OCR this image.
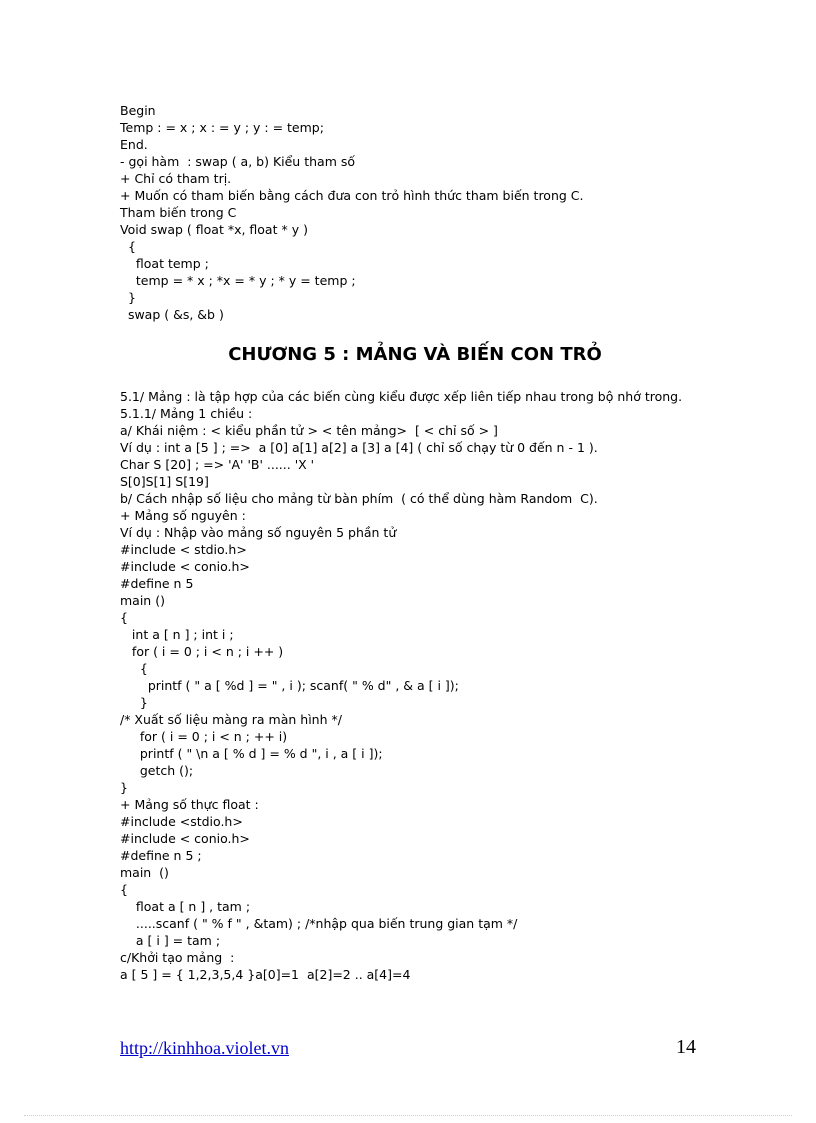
Begin

Temp : = x ; x : = y ; y : = temp;

End.

- gọi hàm  : swap ( a, b) Kiểu tham số

+ Chỉ có tham trị.

+ Muốn có tham biến bằng cách đưa con trỏ hình thức tham biến trong C.

Tham biến trong C

Void swap ( float *x, float * y )

{

float temp ;

temp = * x ; *x = * y ; * y = temp ;

}

swap ( &s, &b )

CHƯƠNG 5 : MẢNG VÀ BIẾN CON TRỎ

5.1/ Mảng : là tập hợp của các biến cùng kiểu được xếp liên tiếp nhau trong bộ nhớ trong.

5.1.1/ Mảng 1 chiều :

a/ Khái niệm : < kiểu phần tử > < tên mảng>  [ < chỉ số > ]

Ví dụ : int a [5 ] ; =>  a [0] a[1] a[2] a [3] a [4] ( chỉ số chạy từ 0 đến n - 1 ).

Char S [20] ; => 'A' 'B' ...... 'X '

S[0]S[1] S[19]

b/ Cách nhập số liệu cho mảng từ bàn phím  ( có thể dùng hàm Random  C).

+ Mảng số nguyên :

Ví dụ : Nhập vào mảng số nguyên 5 phần tử

#include < stdio.h>

#include < conio.h>

#define n 5

main ()

{

int a [ n ] ; int i ;

for ( i = 0 ; i < n ; i ++ )

{

printf ( " a [ %d ] = " , i ); scanf( " % d" , & a [ i ]);

}

/* Xuất số liệu màng ra màn hình */

for ( i = 0 ; i < n ; ++ i)

printf ( " \n a [ % d ] = % d ", i , a [ i ]);

getch ();

}

+ Mảng số thực float :

#include <stdio.h>

#include < conio.h>

#define n 5 ;

main  ()

{

float a [ n ] , tam ;

.....scanf ( " % f " , &tam) ; /*nhập qua biến trung gian tạm */

a [ i ] = tam ;

c/Khởi tạo mảng  :

a [ 5 ] = { 1,2,3,5,4 }a[0]=1  a[2]=2 .. a[4]=4

http://kinhhoa.violet.vn	14
